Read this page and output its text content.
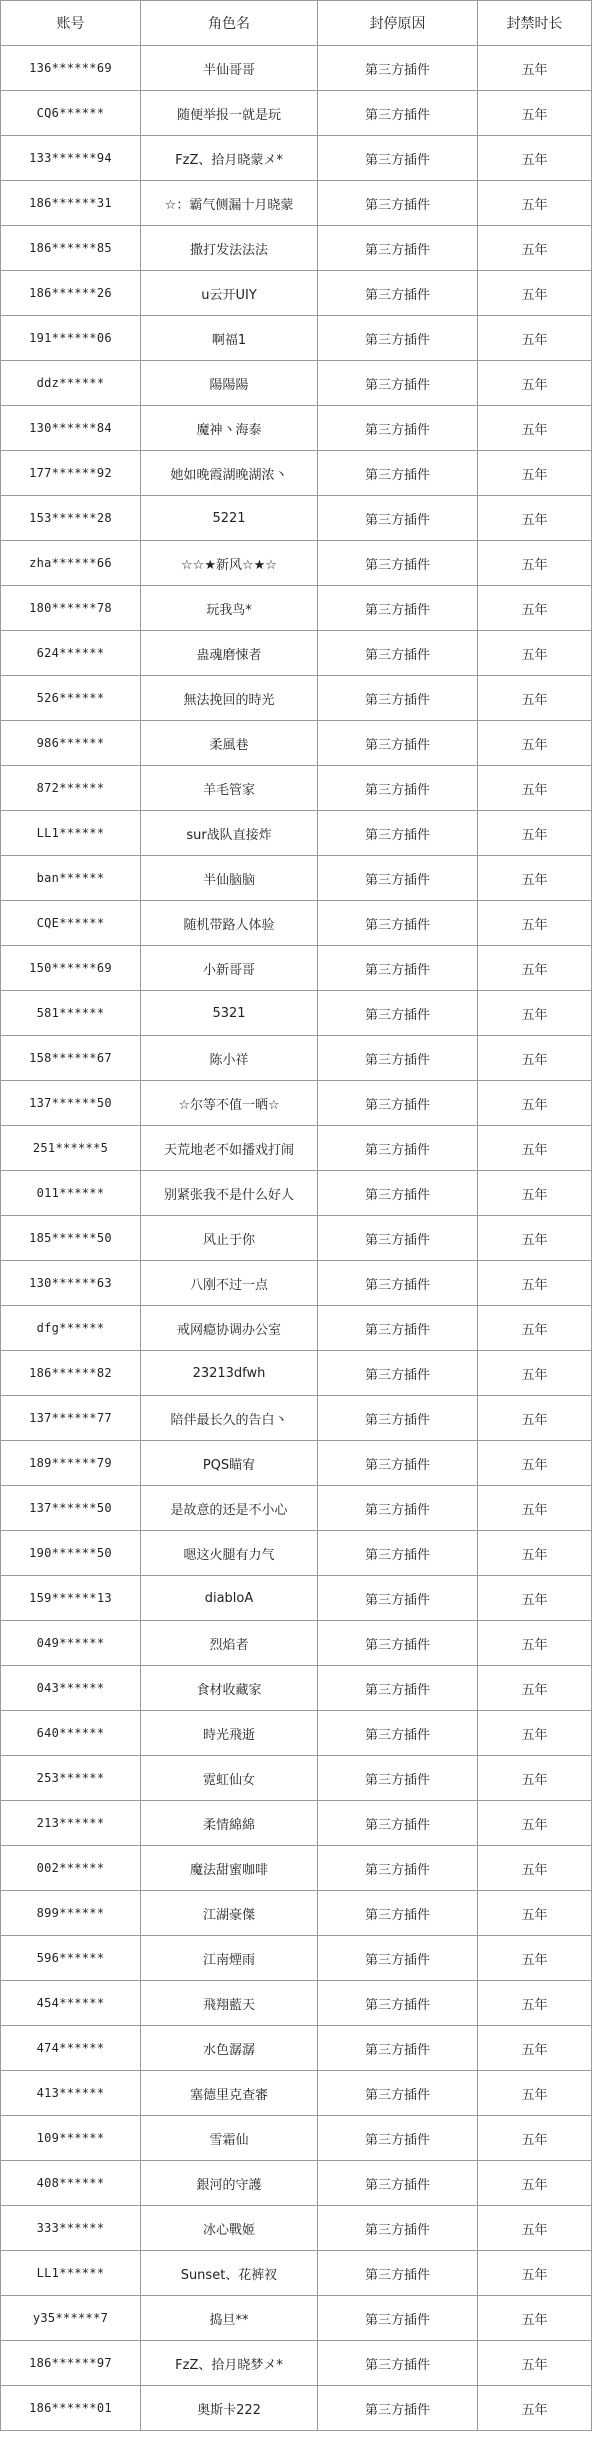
账号	角色名	封停原因	封禁时长
136******69	半仙哥哥	第三方插件	五年
CQ6******	随便举报一就是玩	第三方插件	五年
133******94	FzZ、拾月晓蒙メ*	第三方插件	五年
186******31	☆：霸气侧漏十月晓蒙	第三方插件	五年
186******85	撒打发法法法	第三方插件	五年
186******26	u云开UIY	第三方插件	五年
191******06	啊福1	第三方插件	五年
ddz******	陽陽陽	第三方插件	五年
130******84	魔神丶海泰	第三方插件	五年
177******92	她如晚霞湖晚湖浓丶	第三方插件	五年
153******28	5221	第三方插件	五年
zha******66	☆☆★新风☆★☆	第三方插件	五年
180******78	玩我鸟*	第三方插件	五年
624******	蛊魂磨悚者	第三方插件	五年
526******	無法挽回的時光	第三方插件	五年
986******	柔風巷	第三方插件	五年
872******	羊毛管家	第三方插件	五年
LL1******	sur战队直接炸	第三方插件	五年
ban******	半仙脑脑	第三方插件	五年
CQE******	随机带路人体验	第三方插件	五年
150******69	小新哥哥	第三方插件	五年
581******	5321	第三方插件	五年
158******67	陈小祥	第三方插件	五年
137******50	☆尔等不值一晒☆	第三方插件	五年
251******5	天荒地老不如播戏打闹	第三方插件	五年
011******	别紧张我不是什么好人	第三方插件	五年
185******50	风止于你	第三方插件	五年
130******63	八刚不过一点	第三方插件	五年
dfg******	戒网瘾协调办公室	第三方插件	五年
186******82	23213dfwh	第三方插件	五年
137******77	陪伴最长久的告白丶	第三方插件	五年
189******79	PQS瞄宥	第三方插件	五年
137******50	是故意的还是不小心	第三方插件	五年
190******50	嗯这火腿有力气	第三方插件	五年
159******13	diabloA	第三方插件	五年
049******	烈焰者	第三方插件	五年
043******	食材收藏家	第三方插件	五年
640******	時光飛逝	第三方插件	五年
253******	霓虹仙女	第三方插件	五年
213******	柔情綿綿	第三方插件	五年
002******	魔法甜蜜咖啡	第三方插件	五年
899******	江湖豪傑	第三方插件	五年
596******	江南煙雨	第三方插件	五年
454******	飛翔藍天	第三方插件	五年
474******	水色潺潺	第三方插件	五年
413******	塞德里克查審	第三方插件	五年
109******	雪霜仙	第三方插件	五年
408******	銀河的守護	第三方插件	五年
333******	冰心戰姬	第三方插件	五年
LL1******	Sunset、花裤衩	第三方插件	五年
y35******7	捣旦**	第三方插件	五年
186******97	FzZ、拾月晓梦メ*	第三方插件	五年
186******01	奥斯卡222	第三方插件	五年
